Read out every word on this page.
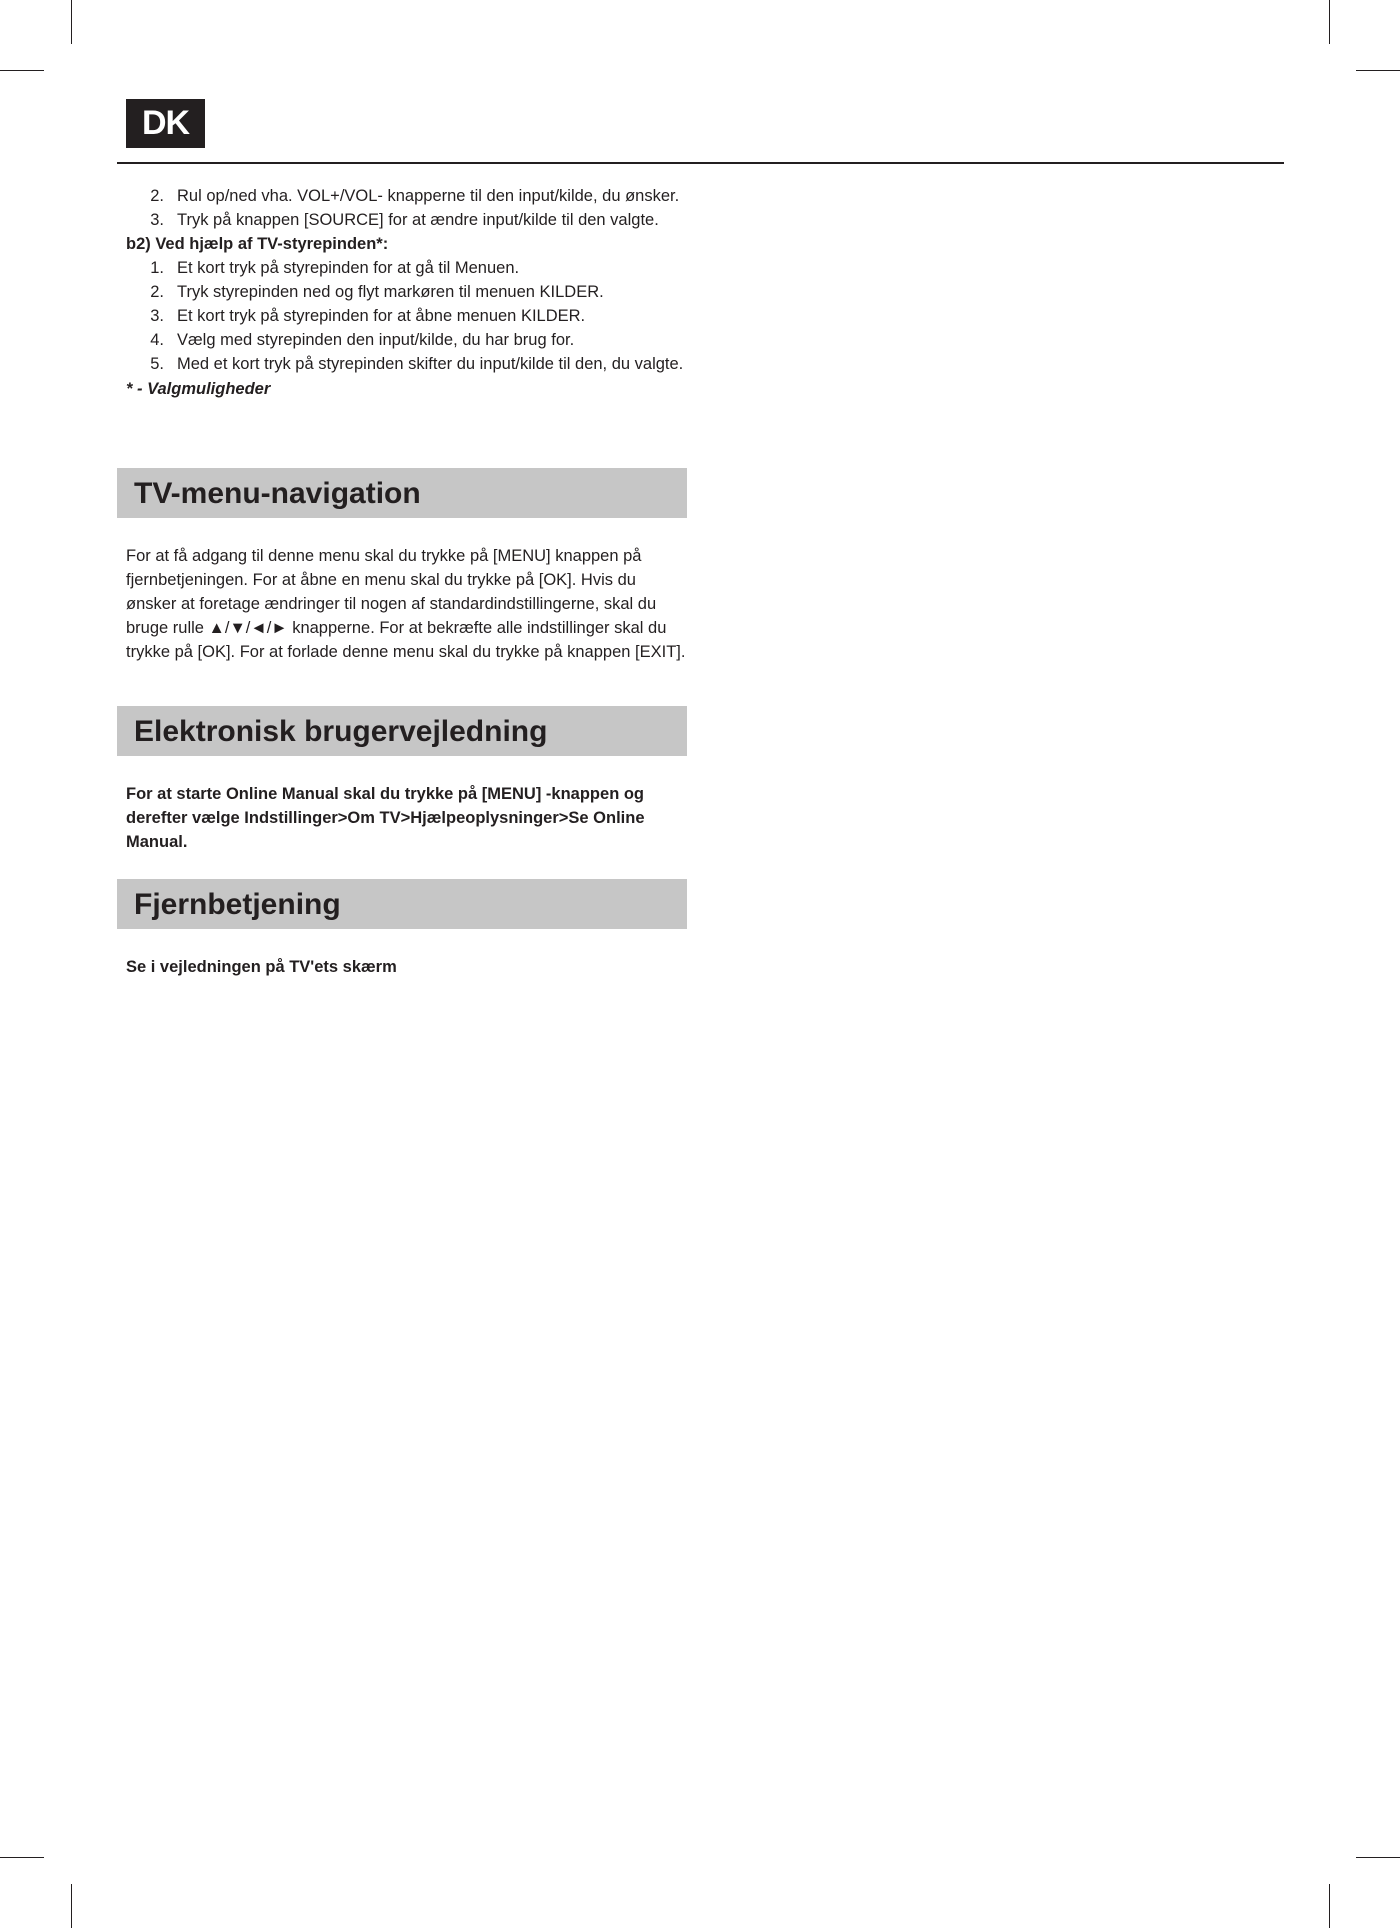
DK
2. Rul op/ned vha. VOL+/VOL- knapperne til den input/kilde, du ønsker.
3. Tryk på knappen [SOURCE] for at ændre input/kilde til den valgte.

b2) Ved hjælp af TV-styrepinden*:

1. Et kort tryk på styrepinden for at gå til Menuen.
2. Tryk styrepinden ned og flyt markøren til menuen KILDER.
3. Et kort tryk på styrepinden for at åbne menuen KILDER.
4. Vælg med styrepinden den input/kilde, du har brug for.
5. Med et kort tryk på styrepinden skifter du input/kilde til den, du valgte.

* - Valgmuligheder

TV-menu-navigation

For at få adgang til denne menu skal du trykke på [MENU] knappen på fjernbetjeningen. For at åbne en menu skal du trykke på [OK]. Hvis du ønsker at foretage ændringer til nogen af standardindstillingerne, skal du bruge rulle ▲/▼/◄/► knapperne. For at bekræfte alle indstillinger skal du trykke på [OK]. For at forlade denne menu skal du trykke på knappen [EXIT].

Elektronisk brugervejledning

For at starte Online Manual skal du trykke på [MENU] -knappen og derefter vælge Indstillinger>Om TV>Hjælpeoplysninger>Se Online Manual.

Fjernbetjening

Se i vejledningen på TV'ets skærm
